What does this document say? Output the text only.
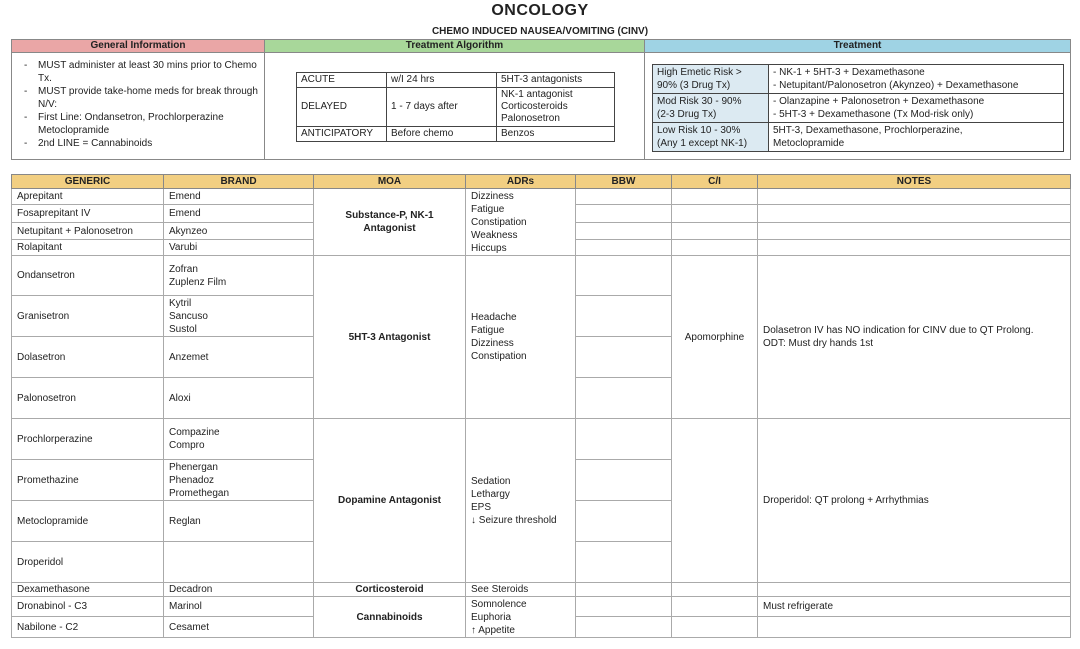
ONCOLOGY
CHEMO INDUCED NAUSEA/VOMITING (CINV)
General Information	Treatment Algorithm	Treatment
- MUST administer at least 30 mins prior to Chemo Tx.
- MUST provide take-home meds for break through N/V:
- First Line: Ondansetron, Prochlorperazine Metoclopramide
- 2nd LINE = Cannabinoids
ACUTE	w/I 24 hrs	5HT-3 antagonists

DELAYED	1 - 7 days after	NK-1 antagonist
Corticosteroids
Palonosetron

ANTICIPATORY	Before chemo	Benzos
High Emetic Risk >
90% (3 Drug Tx)	- NK-1 + 5HT-3 + Dexamethasone
- Netupitant/Palonosetron (Akynzeo) + Dexamethasone

Mod Risk 30 - 90%
(2-3 Drug Tx)	- Olanzapine + Palonosetron + Dexamethasone
- 5HT-3 + Dexamethasone (Tx Mod-risk only)

Low Risk 10 - 30%
(Any 1 except NK-1)	5HT-3, Dexamethasone, Prochlorperazine,
Metoclopramide
GENERIC	BRAND	MOA	ADRs	BBW	C/I	NOTES
Aprepitant	Emend	Substance-P, NK-1
Antagonist	Dizziness
Fatigue
Constipation
Weakness
Hiccups			

Fosaprepitant IV	Emend					

Netupitant + Palonosetron	Akynzeo					

Rolapitant	Varubi					

Ondansetron	Zofran
Zuplenz Film	5HT-3 Antagonist	Headache
Fatigue
Dizziness
Constipation		Apomorphine	Dolasetron IV has NO indication for CINV due to QT Prolong.
ODT: Must dry hands 1st

Granisetron	Kytril
Sancuso
Sustol					

Dolasetron	Anzemet					

Palonosetron	Aloxi					

Prochlorperazine	Compazine
Compro	Dopamine Antagonist	Sedation
Lethargy
EPS
↓ Seizure threshold			Droperidol: QT prolong + Arrhythmias

Promethazine	Phenergan
Phenadoz
Promethegan					

Metoclopramide	Reglan					

Droperidol						
Dexamethasone	Decadron	Corticosteroid	See Steroids			

Dronabinol - C3	Marinol	Cannabinoids	Somnolence
Euphoria
↑ Appetite			Must refrigerate

Nabilone - C2	Cesamet					
